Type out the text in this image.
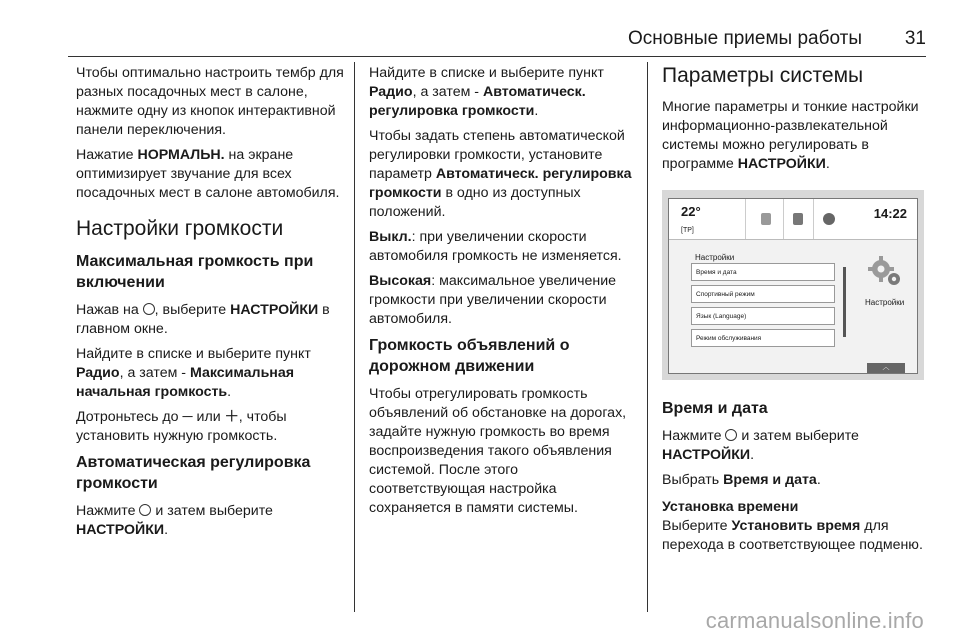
Основные приемы работы 31

Чтобы оптимально настроить тембр для разных посадочных мест в салоне, нажмите одну из кнопок интерактивной панели переключения.

Нажатие НОРМАЛЬН. на экране оптимизирует звучание для всех посадочных мест в салоне автомобиля.

Настройки громкости
Максимальная громкость при включении

Нажав на , выберите НАСТРОЙКИ в главном окне.

Найдите в списке и выберите пункт Радио, а затем - Максимальная начальная громкость.

Дотроньтесь до ─ или ＋, чтобы установить нужную громкость.

Автоматическая регулировка громкости

Нажмите  и затем выберите
НАСТРОЙКИ.

Найдите в списке и выберите пункт Радио, а затем - Автоматическ. регулировка громкости.

Чтобы задать степень автоматической регулировки громкости, установите параметр Автоматическ. регулировка громкости в одно из доступных положений.

Выкл.: при увеличении скорости автомобиля громкость не изменяется.

Высокая: максимальное увеличение громкости при увеличении скорости автомобиля.

Громкость объявлений о дорожном движении

Чтобы отрегулировать громкость объявлений об обстановке на дорогах, задайте нужную громкость во время воспроизведения такого объявления системой. После этого соответствующая настройка сохраняется в памяти системы.

Параметры системы

Многие параметры и тонкие настройки информационно-развлекательной системы можно регулировать в программе НАСТРОЙКИ.

22°
[TP]
14:22
Настройки
Время и дата
Спортивный режим
Язык (Language)
Режим обслуживания
Настройки
︿
Время и дата

Нажмите  и затем выберите
НАСТРОЙКИ.

Выбрать Время и дата.

Установка времени

Выберите Установить время для перехода в соответствующее подменю.

carmanualsonline.info
